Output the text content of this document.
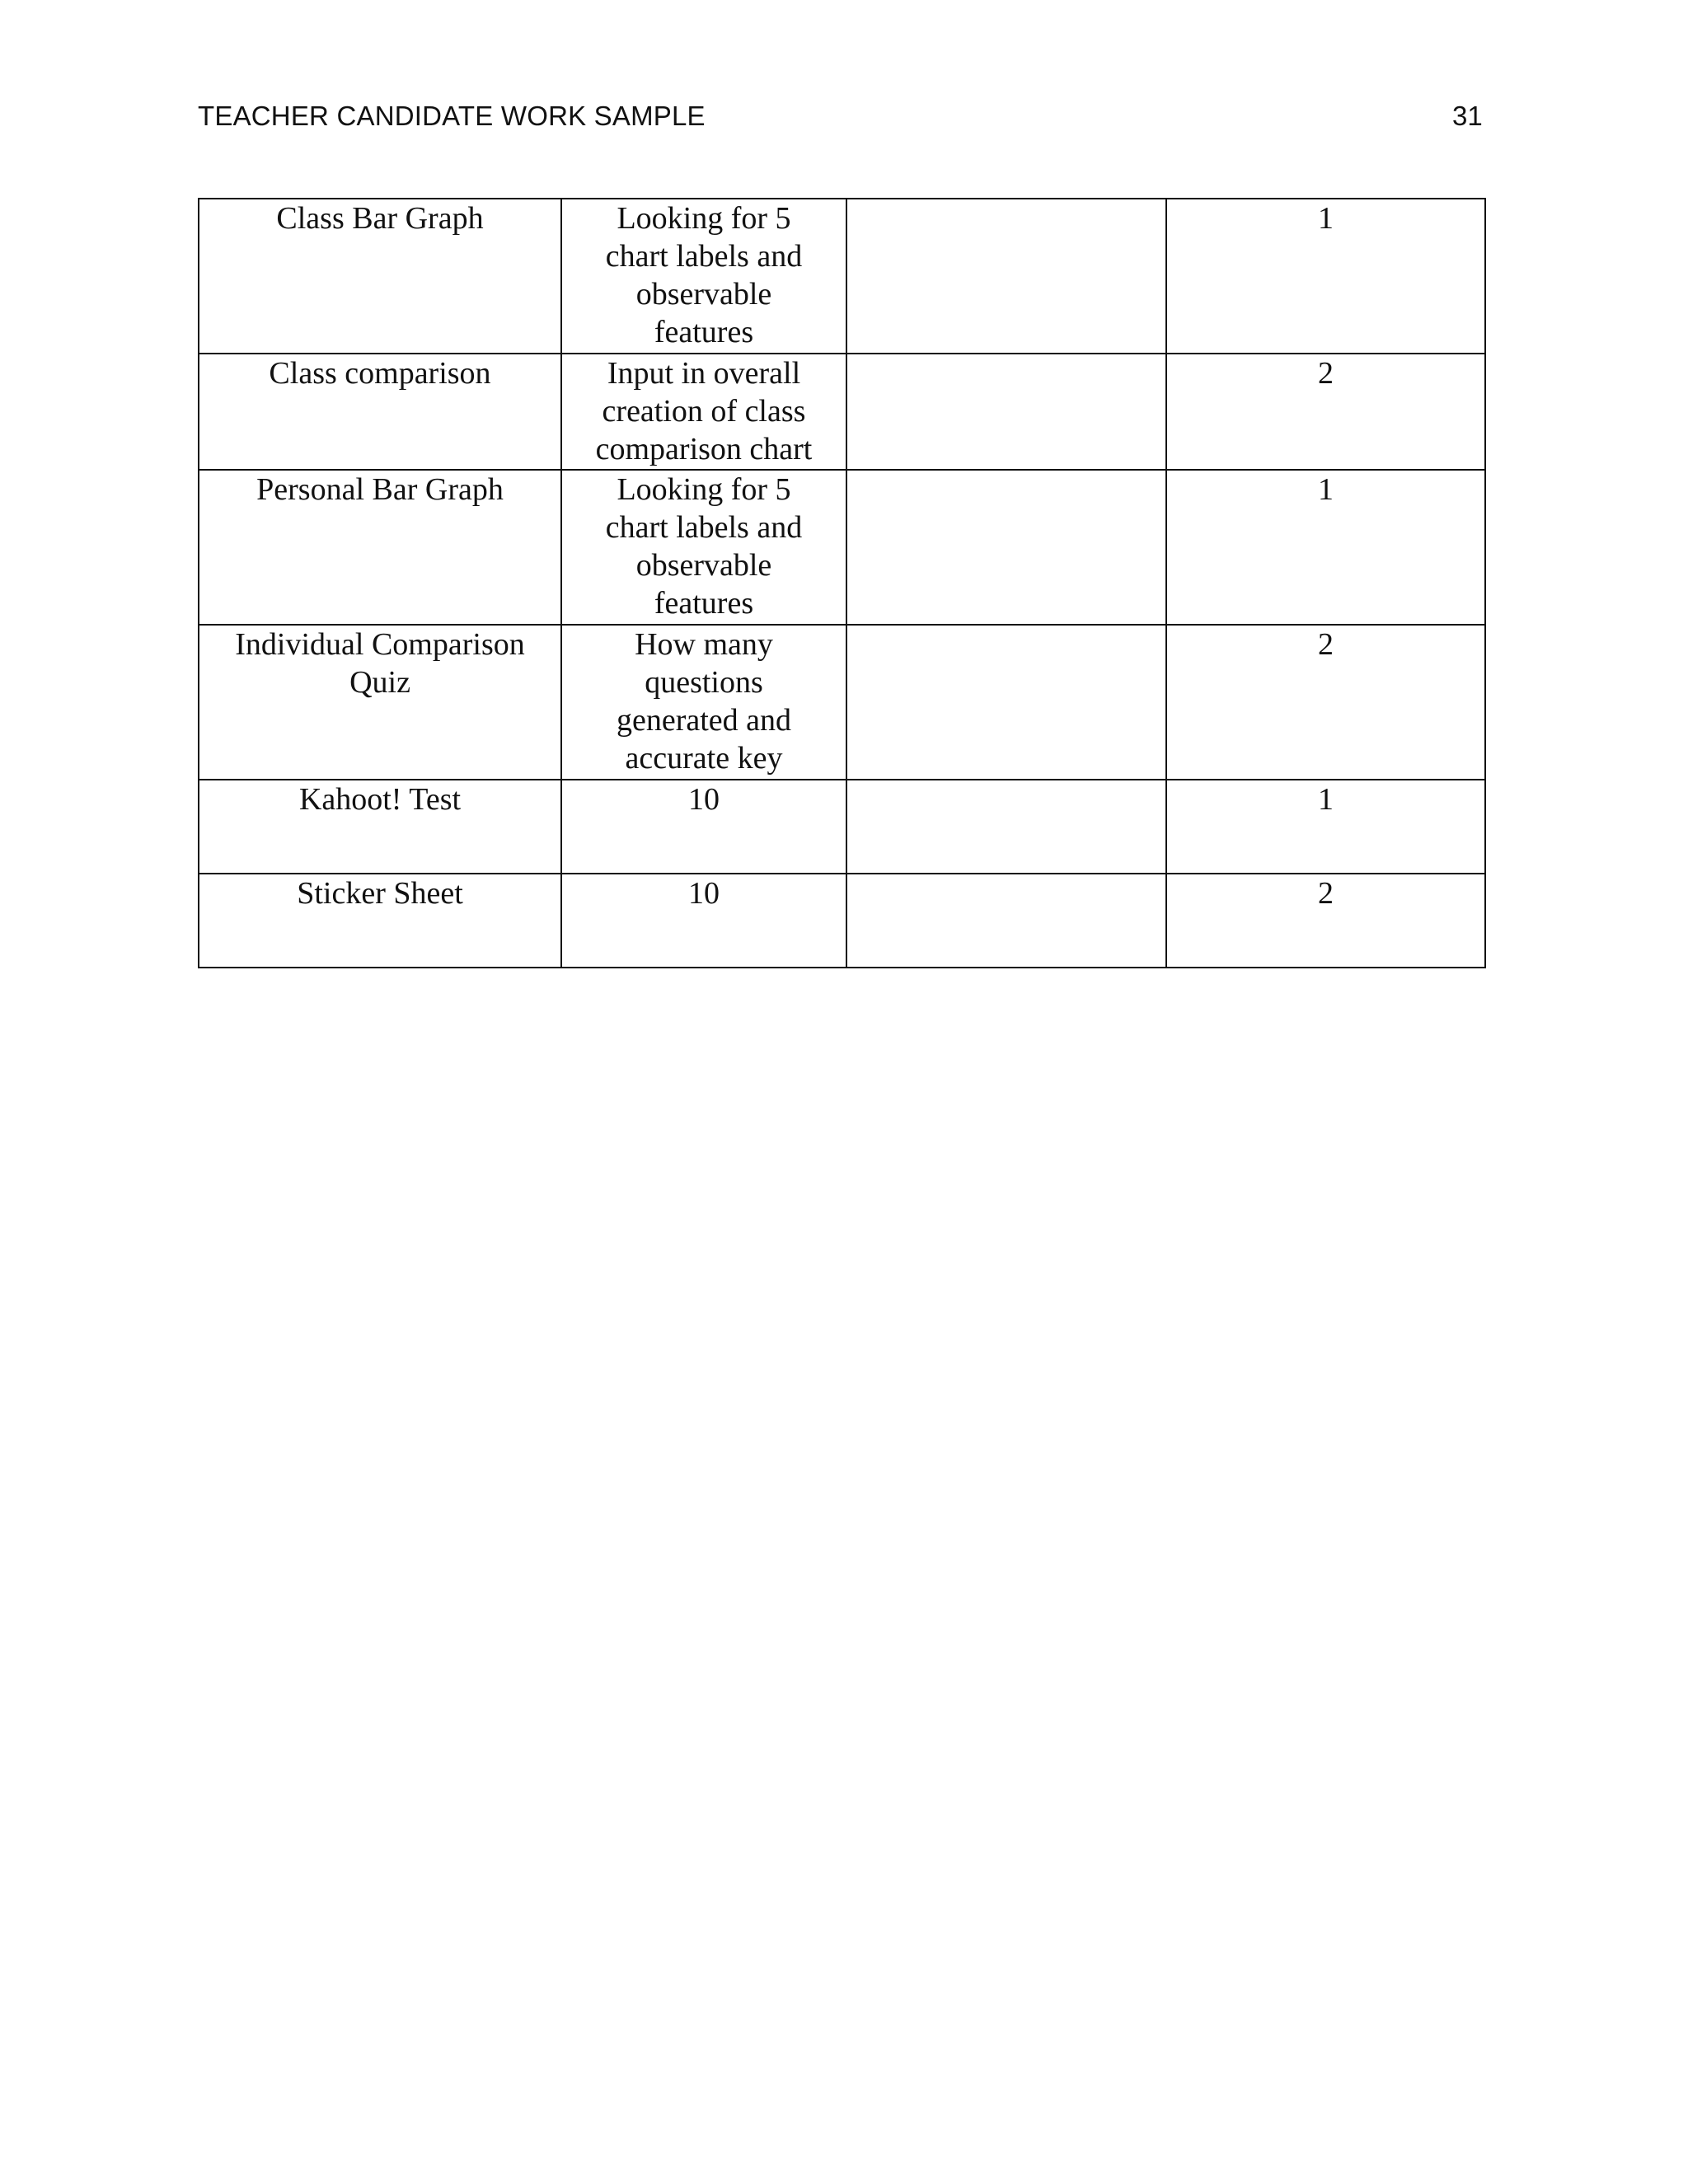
TEACHER CANDIDATE WORK SAMPLE	31
Class Bar Graph	Looking for 5
chart labels and
observable
features		1
Class comparison	Input in overall
creation of class
comparison chart		2
Personal Bar Graph	Looking for 5
chart labels and
observable
features		1
Individual Comparison
Quiz	How many
questions
generated and
accurate key		2
Kahoot! Test	10		1
Sticker Sheet	10		2
